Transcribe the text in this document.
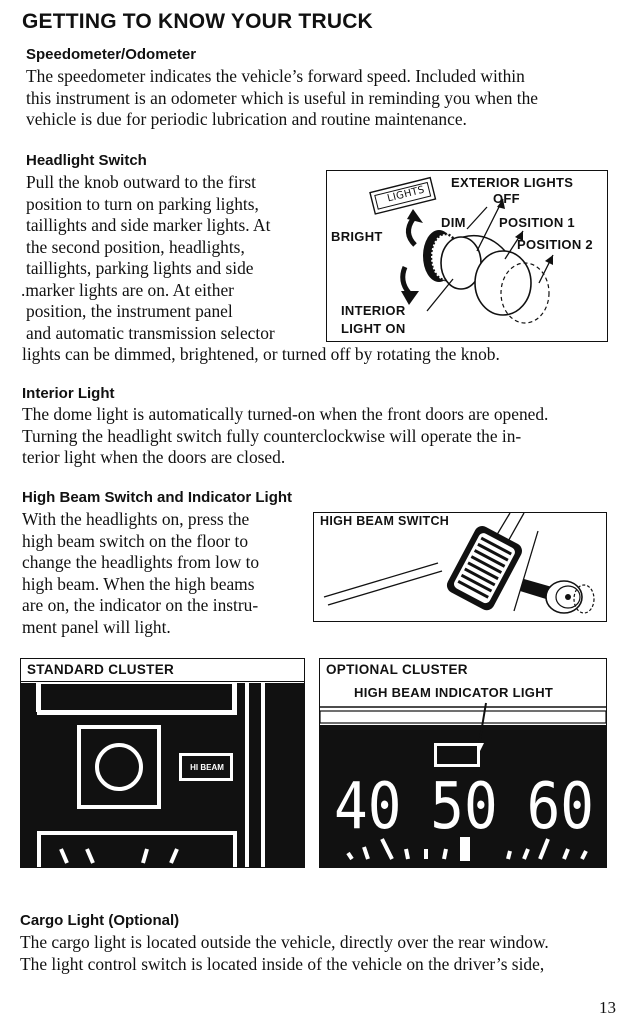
GETTING TO KNOW YOUR TRUCK
Speedometer/Odometer
The speedometer indicates the vehicle’s forward speed. Included within
this instrument is an odometer which is useful in reminding you when the
vehicle is due for periodic lubrication and routine maintenance.
Headlight Switch
Pull the knob outward to the first
position to turn on parking lights,
taillights and side marker lights. At
the second position, headlights,
taillights, parking lights and side
.marker lights are on. At either
position, the instrument panel
and automatic transmission selector
lights can be dimmed, brightened, or turned off by rotating the knob.
LIGHTS
EXTERIOR LIGHTS
OFF
DIM	POSITION 1
BRIGHT
POSITION 2
INTERIOR
LIGHT ON
Interior Light
The dome light is automatically turned-on when the front doors are opened.
Turning the headlight switch fully counterclockwise will operate the in-
terior light when the doors are closed.
High Beam Switch and Indicator Light
With the headlights on, press the
high beam switch on the floor to
change the headlights from low to
high beam. When the high beams
are on, the indicator on the instru-
ment panel will light.
HIGH BEAM SWITCH
STANDARD CLUSTER
HI BEAM
OPTIONAL CLUSTER
HIGH BEAM INDICATOR LIGHT
40 50 60
Cargo Light (Optional)
The cargo light is located outside the vehicle, directly over the rear window.
The light control switch is located inside of the vehicle on the driver’s side,
13
